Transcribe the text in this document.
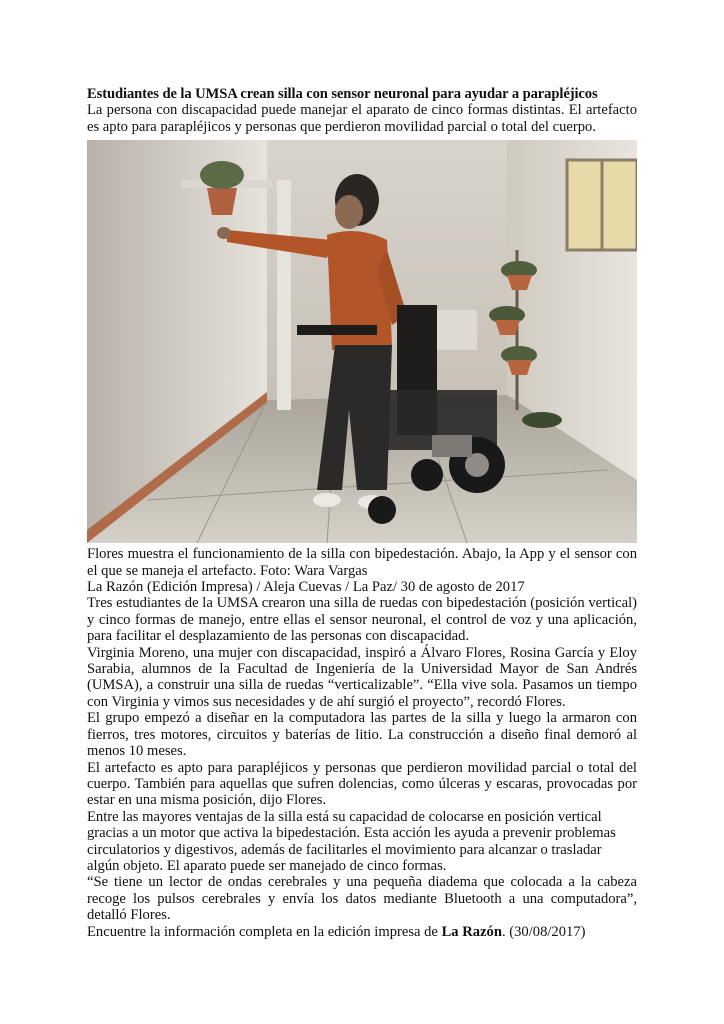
Estudiantes de la UMSA crean silla con sensor neuronal para ayudar a parapléjicos

La persona con discapacidad puede manejar el aparato de cinco formas distintas. El artefacto es apto para parapléjicos y personas que perdieron movilidad parcial o total del cuerpo.

Flores muestra el funcionamiento de la silla con bipedestación. Abajo, la App y el sensor con el que se maneja el artefacto. Foto: Wara Vargas

La Razón (Edición Impresa) / Aleja Cuevas / La Paz/ 30 de agosto de 2017

Tres estudiantes de la UMSA crearon una silla de ruedas con bipedestación (posición vertical) y cinco formas de manejo, entre ellas el sensor neuronal, el control de voz y una aplicación, para facilitar el desplazamiento de las personas con discapacidad.

Virginia Moreno, una mujer con discapacidad, inspiró a Álvaro Flores, Rosina García y Eloy Sarabia, alumnos de la Facultad de Ingeniería de la Universidad Mayor de San Andrés (UMSA), a construir una silla de ruedas “verticalizable”. “Ella vive sola. Pasamos un tiempo con Virginia y vimos sus necesidades y de ahí surgió el proyecto”, recordó Flores.

El grupo empezó a diseñar en la computadora las partes de la silla y luego la armaron con fierros, tres motores, circuitos y baterías de litio. La construcción a diseño final demoró al menos 10 meses.

El artefacto es apto para parapléjicos y personas que perdieron movilidad parcial o total del cuerpo. También para aquellas que sufren dolencias, como úlceras y escaras, provocadas por estar en una misma posición, dijo Flores.

Entre las mayores ventajas de la silla está su capacidad de colocarse en posición vertical gracias a un motor que activa la bipedestación. Esta acción les ayuda a prevenir problemas circulatorios y digestivos, además de facilitarles el movimiento para alcanzar o trasladar algún objeto. El aparato puede ser manejado de cinco formas.

“Se tiene un lector de ondas cerebrales y una pequeña diadema que colocada a la cabeza recoge los pulsos cerebrales y envía los datos mediante Bluetooth a una computadora”, detalló Flores.

Encuentre la información completa en la edición impresa de La Razón. (30/08/2017)
